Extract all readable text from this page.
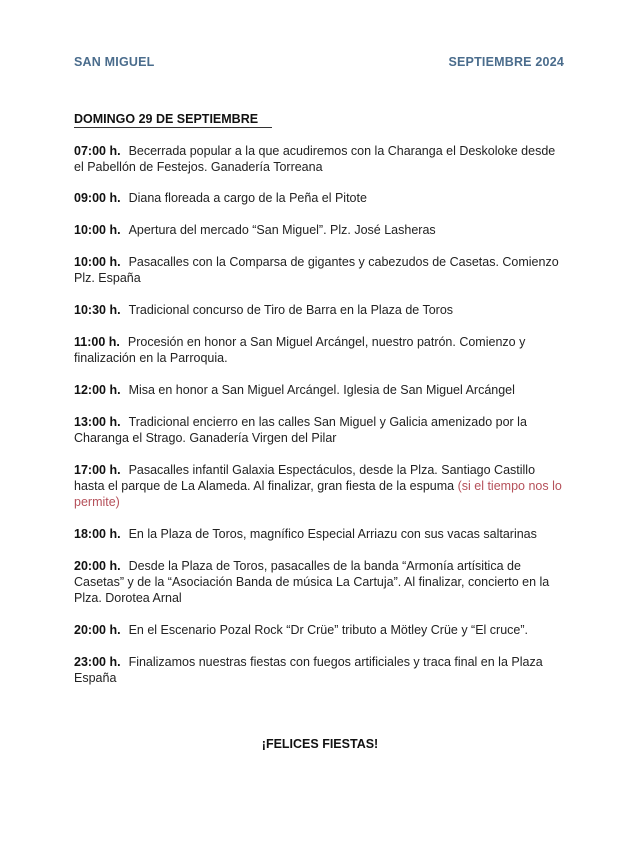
SAN MIGUEL	SEPTIEMBRE 2024
DOMINGO 29 DE SEPTIEMBRE

07:00 h. Becerrada popular a la que acudiremos con la Charanga el Deskoloke desde el Pabellón de Festejos. Ganadería Torreana

09:00 h. Diana floreada a cargo de la Peña el Pitote

10:00 h. Apertura del mercado “San Miguel”. Plz. José Lasheras

10:00 h. Pasacalles con la Comparsa de gigantes y cabezudos de Casetas. Comienzo Plz. España

10:30 h. Tradicional concurso de Tiro de Barra en la Plaza de Toros

11:00 h. Procesión en honor a San Miguel Arcángel, nuestro patrón. Comienzo y finalización en la Parroquia.

12:00 h. Misa en honor a San Miguel Arcángel. Iglesia de San Miguel Arcángel

13:00 h. Tradicional encierro en las calles San Miguel y Galicia amenizado por la Charanga el Strago. Ganadería Virgen del Pilar

17:00 h. Pasacalles infantil Galaxia Espectáculos, desde la Plza. Santiago Castillo hasta el parque de La Alameda. Al finalizar, gran fiesta de la espuma (si el tiempo nos lo permite)

18:00 h. En la Plaza de Toros, magnífico Especial Arriazu con sus vacas saltarinas

20:00 h. Desde la Plaza de Toros, pasacalles de la banda “Armonía artísitica de Casetas” y de la “Asociación Banda de música La Cartuja”. Al finalizar, concierto en la Plza. Dorotea Arnal

20:00 h. En el Escenario Pozal Rock “Dr Crüe” tributo a Mötley Crüe y “El cruce”.

23:00 h. Finalizamos nuestras fiestas con fuegos artificiales y traca final en la Plaza España

¡FELICES FIESTAS!
